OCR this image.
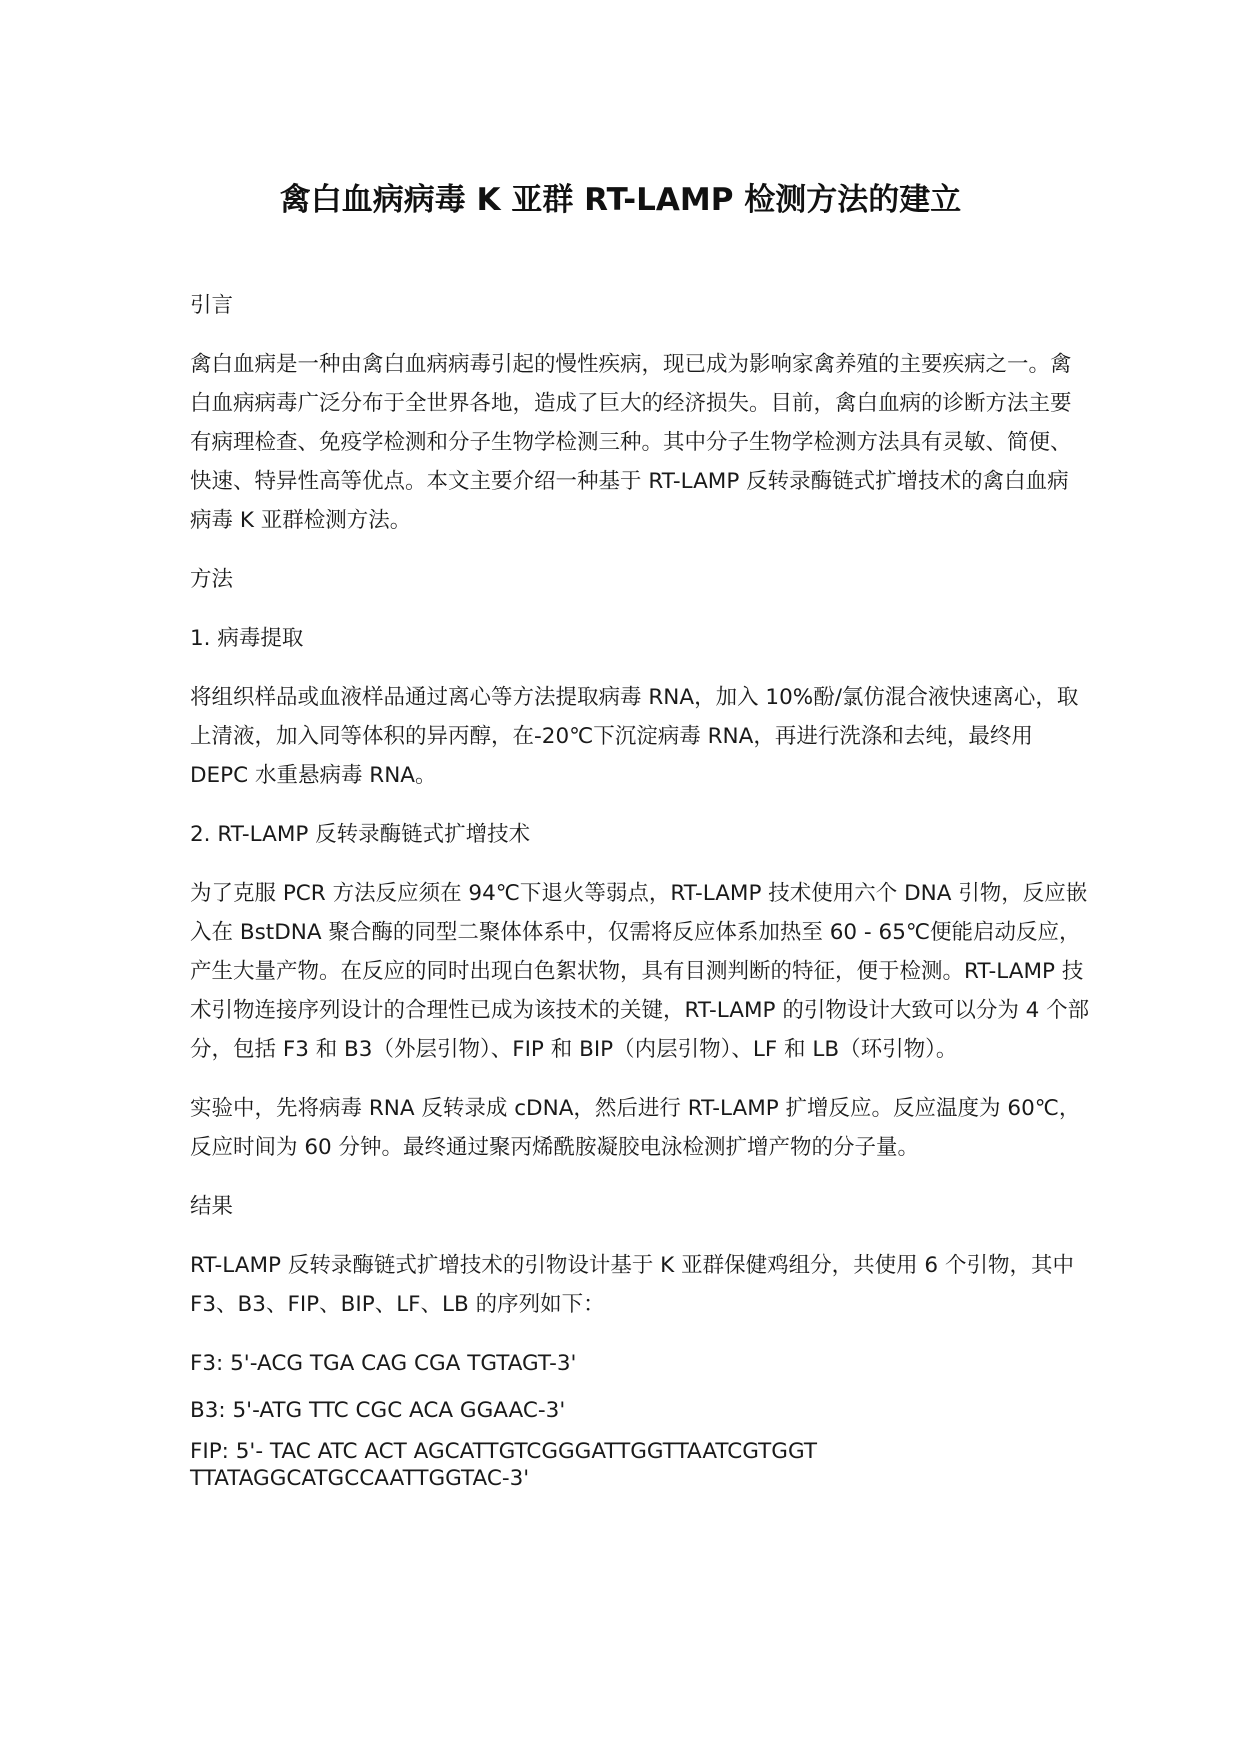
禽白血病病毒 K 亚群 RT-LAMP 检测方法的建立

引言

禽白血病是一种由禽白血病病毒引起的慢性疾病，现已成为影响家禽养殖的主要疾病之一。禽白血病病毒广泛分布于全世界各地，造成了巨大的经济损失。目前，禽白血病的诊断方法主要有病理检查、免疫学检测和分子生物学检测三种。其中分子生物学检测方法具有灵敏、简便、快速、特异性高等优点。本文主要介绍一种基于 RT-LAMP 反转录酶链式扩增技术的禽白血病病毒 K 亚群检测方法。

方法

1. 病毒提取

将组织样品或血液样品通过离心等方法提取病毒 RNA，加入 10%酚/氯仿混合液快速离心，取上清液，加入同等体积的异丙醇，在-20℃下沉淀病毒 RNA，再进行洗涤和去纯，最终用 DEPC 水重悬病毒 RNA。

2. RT-LAMP 反转录酶链式扩增技术

为了克服 PCR 方法反应须在 94℃下退火等弱点，RT-LAMP 技术使用六个 DNA 引物，反应嵌入在 BstDNA 聚合酶的同型二聚体体系中，仅需将反应体系加热至 60 - 65℃便能启动反应，产生大量产物。在反应的同时出现白色絮状物，具有目测判断的特征，便于检测。RT-LAMP 技术引物连接序列设计的合理性已成为该技术的关键，RT-LAMP 的引物设计大致可以分为 4 个部分，包括 F3 和 B3（外层引物）、FIP 和 BIP（内层引物）、LF 和 LB（环引物）。

实验中，先将病毒 RNA 反转录成 cDNA，然后进行 RT-LAMP 扩增反应。反应温度为 60℃，反应时间为 60 分钟。最终通过聚丙烯酰胺凝胶电泳检测扩增产物的分子量。

结果

RT-LAMP 反转录酶链式扩增技术的引物设计基于 K 亚群保健鸡组分，共使用 6 个引物，其中 F3、B3、FIP、BIP、LF、LB 的序列如下：

F3: 5'-ACG TGA CAG CGA TGTAGT-3'

B3: 5'-ATG TTC CGC ACA GGAAC-3'

FIP: 5'- TAC ATC ACT AGCATTGTCGGGATTGGTTAATCGTGGT
TTATAGGCATGCCAATTGGTAC-3'
